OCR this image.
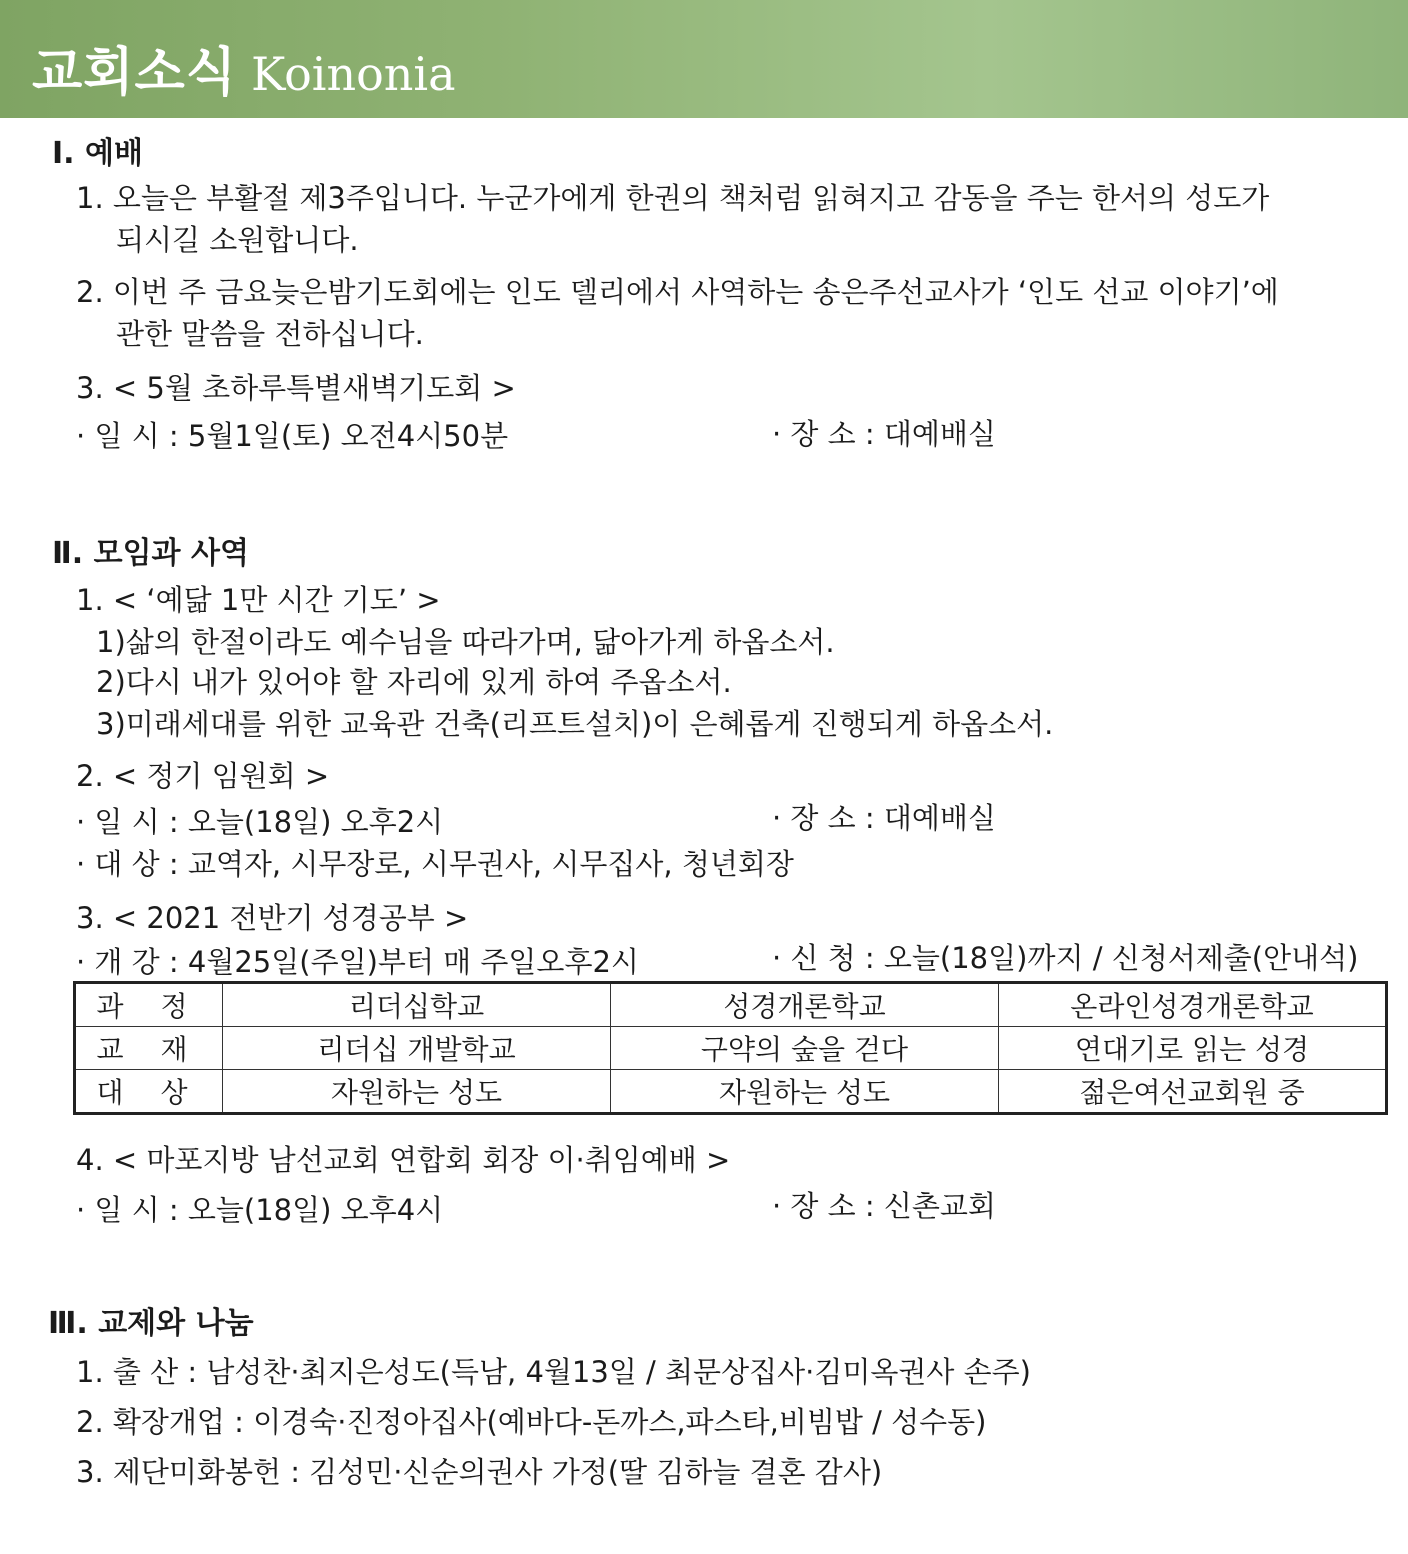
교회소식 Koinonia
Ⅰ. 예배
1. 오늘은 부활절 제3주입니다. 누군가에게 한권의 책처럼 읽혀지고 감동을 주는 한서의 성도가
되시길 소원합니다.
2. 이번 주 금요늦은밤기도회에는 인도 델리에서 사역하는 송은주선교사가 ‘인도 선교 이야기’에
관한 말씀을 전하십니다.
3. < 5월 초하루특별새벽기도회 >
· 일 시 : 5월1일(토) 오전4시50분	· 장 소 : 대예배실
Ⅱ. 모임과 사역
1. < ‘예닮 1만 시간 기도’ >
1)삶의 한절이라도 예수님을 따라가며, 닮아가게 하옵소서.
2)다시 내가 있어야 할 자리에 있게 하여 주옵소서.
3)미래세대를 위한 교육관 건축(리프트설치)이 은혜롭게 진행되게 하옵소서.
2. < 정기 임원회 >
· 일 시 : 오늘(18일) 오후2시	· 장 소 : 대예배실
· 대 상 : 교역자, 시무장로, 시무권사, 시무집사, 청년회장
3. < 2021 전반기 성경공부 >
· 개 강 : 4월25일(주일)부터 매 주일오후2시	· 신 청 : 오늘(18일)까지 / 신청서제출(안내석)
과 정	리더십학교	성경개론학교	온라인성경개론학교
교 재	리더십 개발학교	구약의 숲을 걷다	연대기로 읽는 성경
대 상	자원하는 성도	자원하는 성도	젊은여선교회원 중
4. < 마포지방 남선교회 연합회 회장 이·취임예배 >
· 일 시 : 오늘(18일) 오후4시	· 장 소 : 신촌교회
Ⅲ. 교제와 나눔
1. 출 산 : 남성찬·최지은성도(득남, 4월13일 / 최문상집사·김미옥권사 손주)
2. 확장개업 : 이경숙·진정아집사(예바다-돈까스,파스타,비빔밥 / 성수동)
3. 제단미화봉헌 : 김성민·신순의권사 가정(딸 김하늘 결혼 감사)
